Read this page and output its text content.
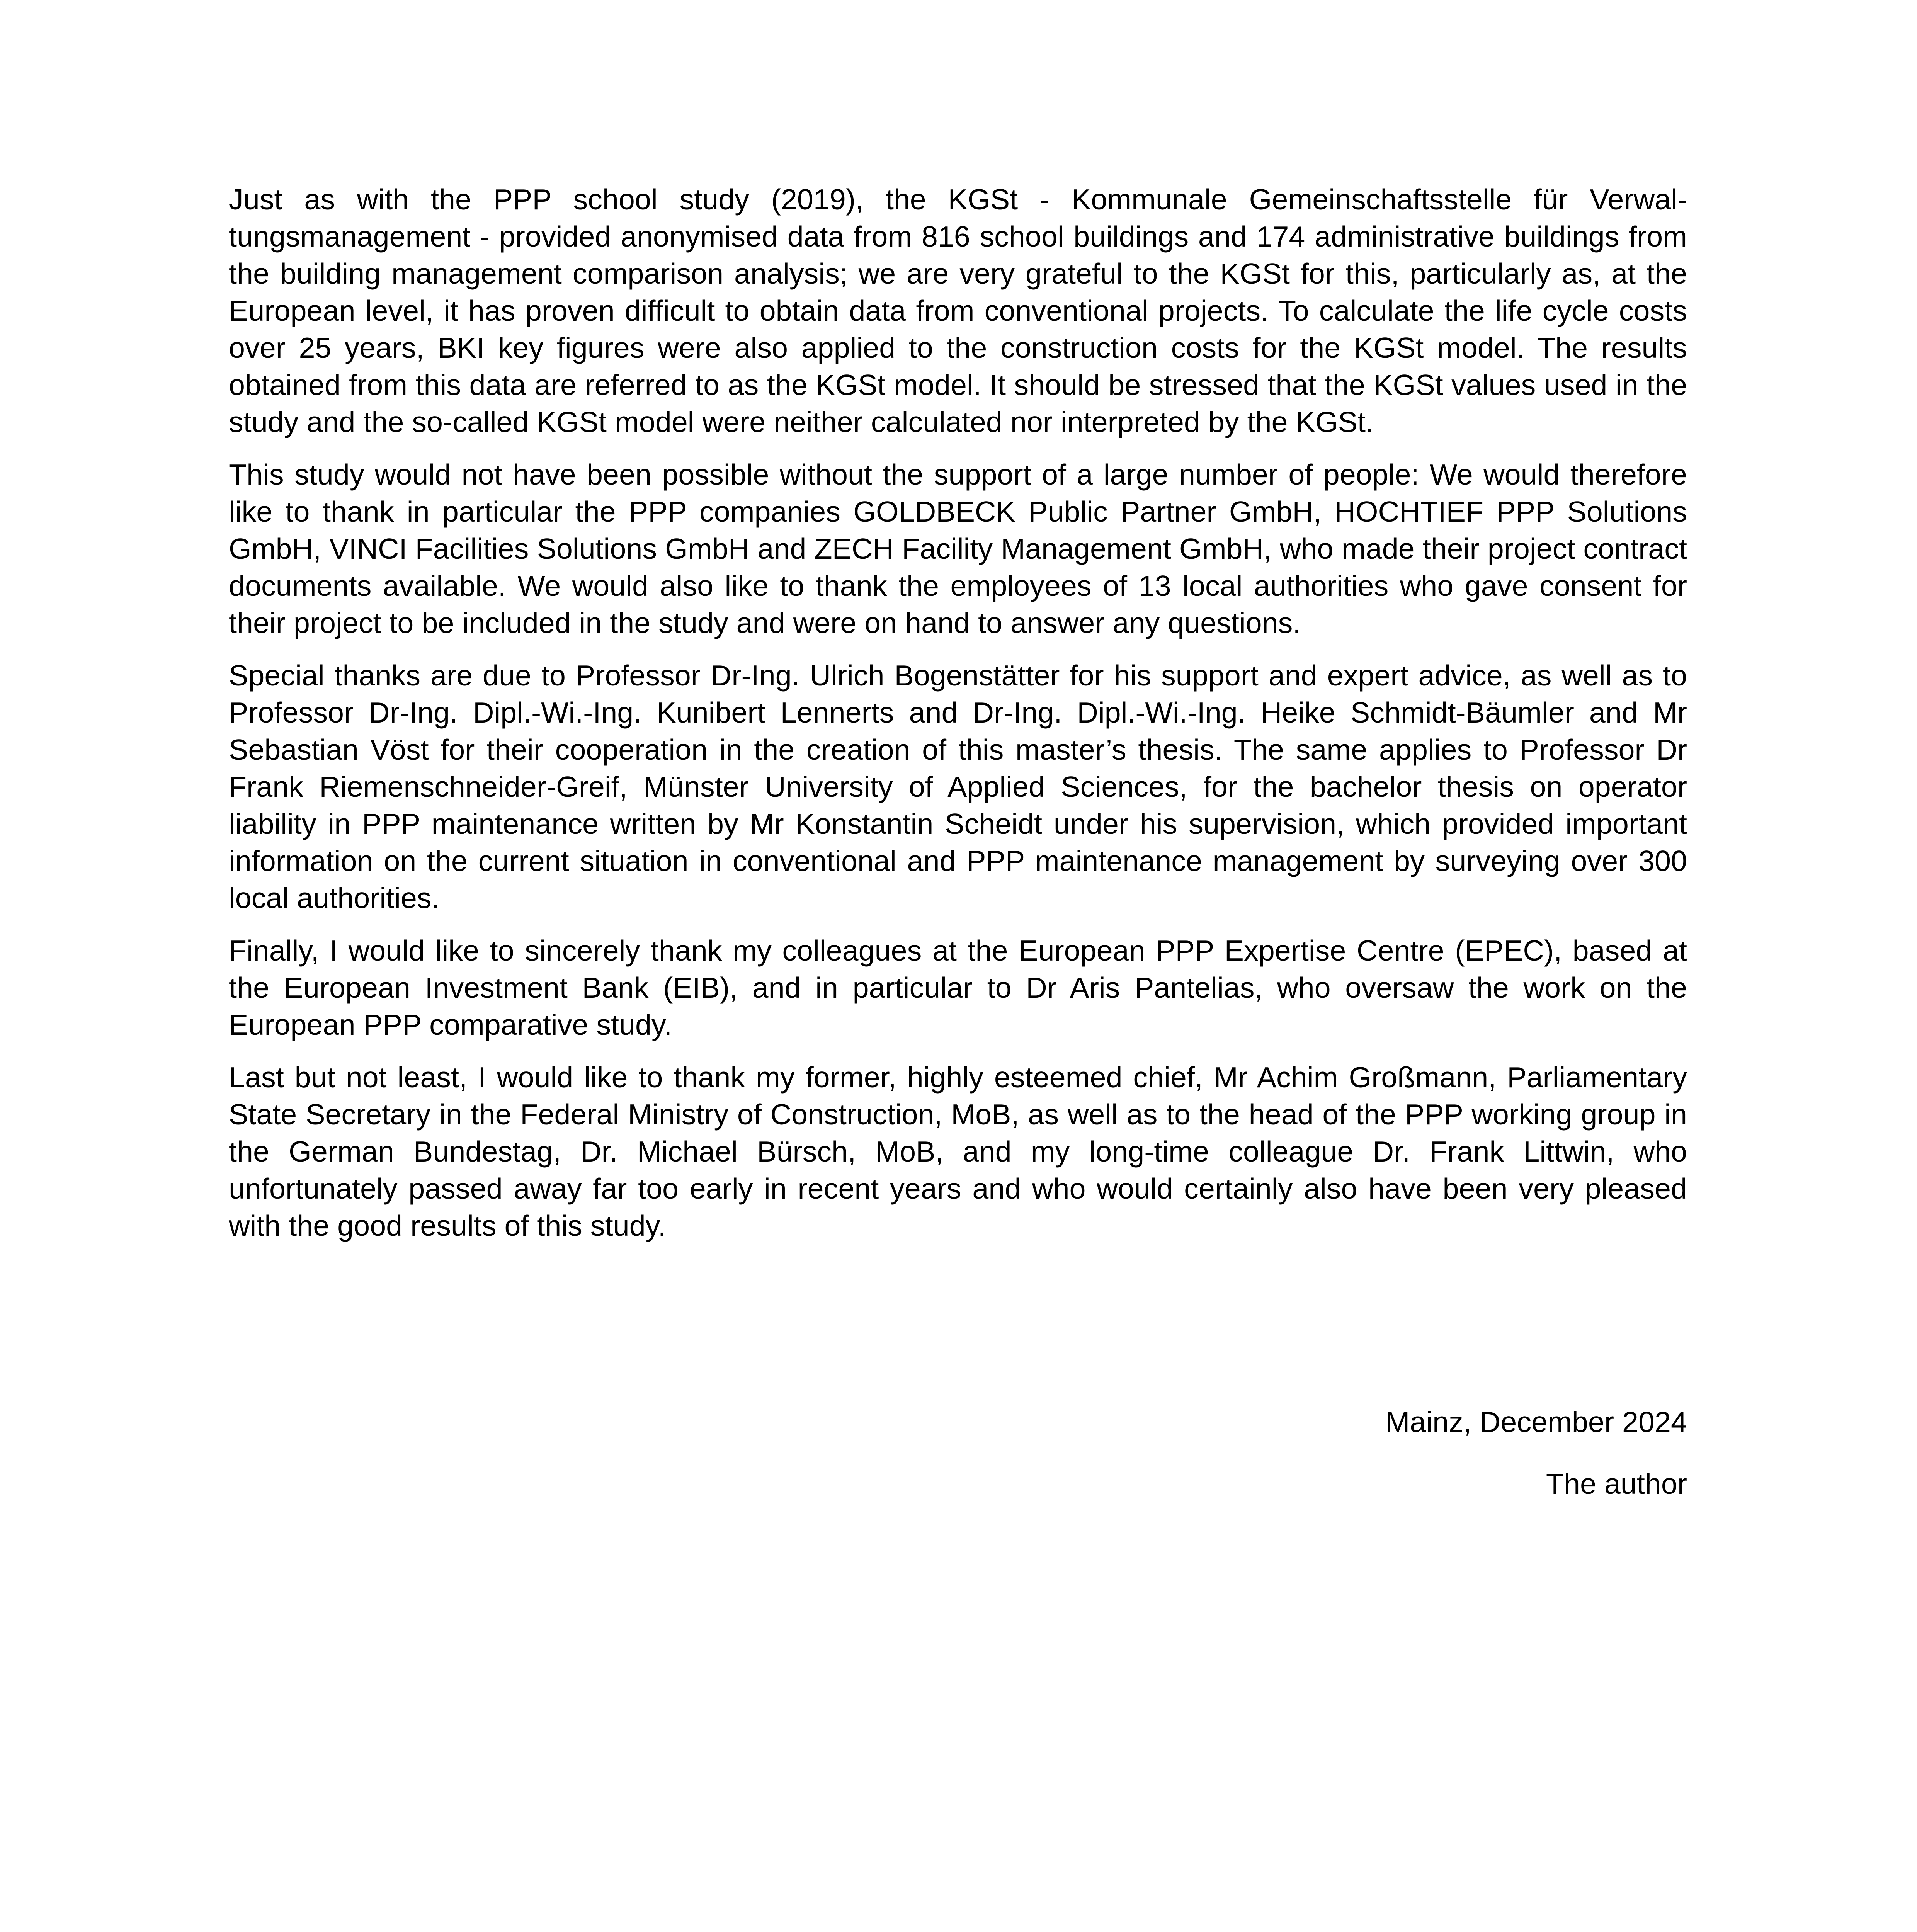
Just as with the PPP school study (2019), the KGSt - Kommunale Gemeinschaftsstelle für Verwaltungsmanagement - provided anonymised data from 816 school buildings and 174 administrative buildings from the building management comparison analysis; we are very grateful to the KGSt for this, particularly as, at the European level, it has proven difficult to obtain data from conventional projects. To calculate the life cycle costs over 25 years, BKI key figures were also applied to the construction costs for the KGSt model. The results obtained from this data are referred to as the KGSt model. It should be stressed that the KGSt values used in the study and the so-called KGSt model were neither calculated nor interpreted by the KGSt.

This study would not have been possible without the support of a large number of people: We would therefore like to thank in particular the PPP companies GOLDBECK Public Partner GmbH, HOCHTIEF PPP Solutions GmbH, VINCI Facilities Solutions GmbH and ZECH Facility Management GmbH, who made their project contract documents available. We would also like to thank the employees of 13 local authorities who gave consent for their project to be included in the study and were on hand to answer any questions.

Special thanks are due to Professor Dr-Ing. Ulrich Bogenstätter for his support and expert advice, as well as to Professor Dr-Ing. Dipl.-Wi.-Ing. Kunibert Lennerts and Dr-Ing. Dipl.-Wi.-Ing. Heike Schmidt-Bäumler and Mr Sebastian Vöst for their cooperation in the creation of this master’s thesis. The same applies to Professor Dr Frank Riemenschneider-Greif, Münster University of Applied Sciences, for the bachelor thesis on operator liability in PPP maintenance written by Mr Konstantin Scheidt under his supervision, which provided important information on the current situation in conventional and PPP maintenance management by surveying over 300 local authorities.

Finally, I would like to sincerely thank my colleagues at the European PPP Expertise Centre (EPEC), based at the European Investment Bank (EIB), and in particular to Dr Aris Pantelias, who oversaw the work on the European PPP comparative study.

Last but not least, I would like to thank my former, highly esteemed chief, Mr Achim Großmann, Parliamentary State Secretary in the Federal Ministry of Construction, MoB, as well as to the head of the PPP working group in the German Bundestag, Dr. Michael Bürsch, MoB, and my long-time colleague Dr. Frank Littwin, who unfortunately passed away far too early in recent years and who would certainly also have been very pleased with the good results of this study.

Mainz, December 2024
The author
